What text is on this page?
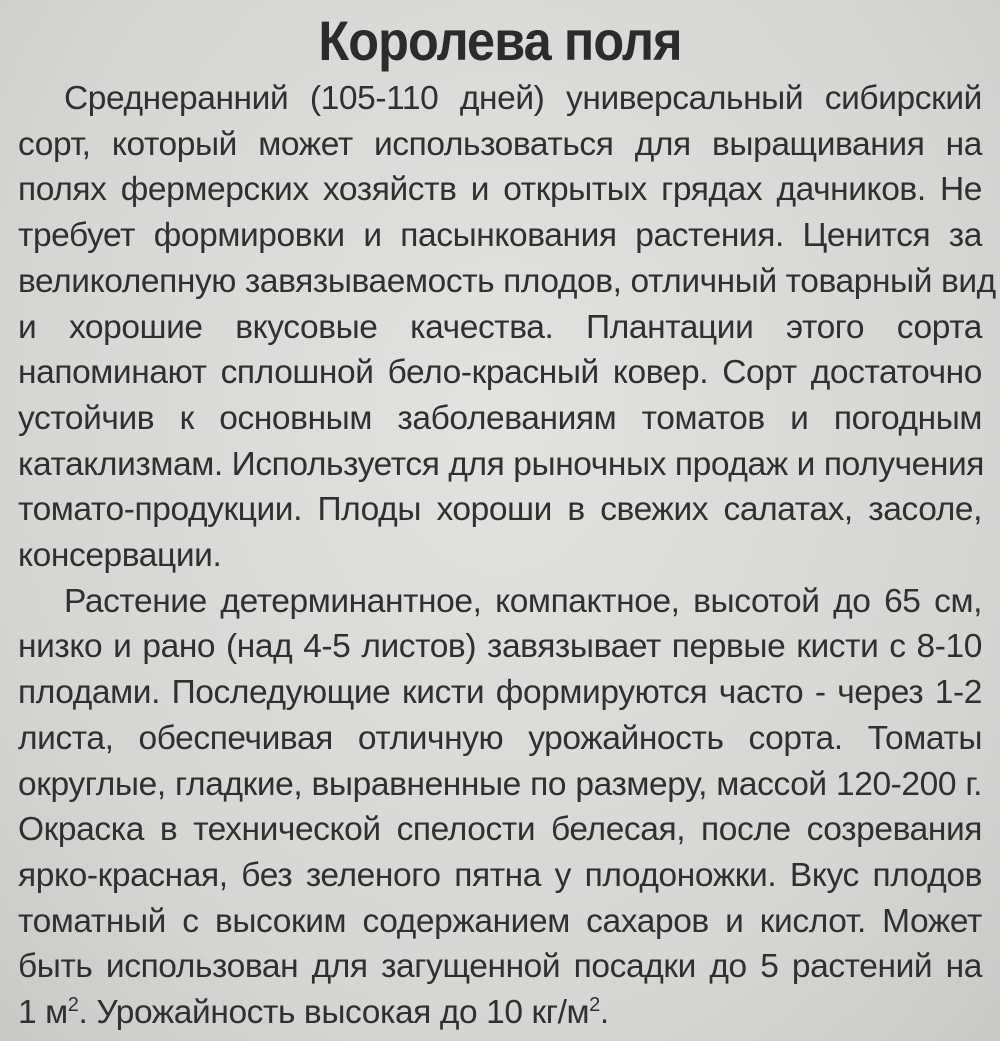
Королева поля
Среднеранний (105-110 дней) универсальный сибирский
сорт, который может использоваться для выращивания на
полях фермерских хозяйств и открытых грядах дачников. Не
требует формировки и пасынкования растения. Ценится за
великолепную завязываемость плодов, отличный товарный вид
и хорошие вкусовые качества. Плантации этого сорта
напоминают сплошной бело-красный ковер. Сорт достаточно
устойчив к основным заболеваниям томатов и погодным
катаклизмам. Используется для рыночных продаж и получения
томато-продукции. Плоды хороши в свежих салатах, засоле,
консервации.
Растение детерминантное, компактное, высотой до 65 см,
низко и рано (над 4-5 листов) завязывает первые кисти с 8-10
плодами. Последующие кисти формируются часто - через 1-2
листа, обеспечивая отличную урожайность сорта. Томаты
округлые, гладкие, выравненные по размеру, массой 120-200 г.
Окраска в технической спелости белесая, после созревания
ярко-красная, без зеленого пятна у плодоножки. Вкус плодов
томатный с высоким содержанием сахаров и кислот. Может
быть использован для загущенной посадки до 5 растений на
1 $м^2$. Урожайность высокая до 10 $кг/м^2$.
